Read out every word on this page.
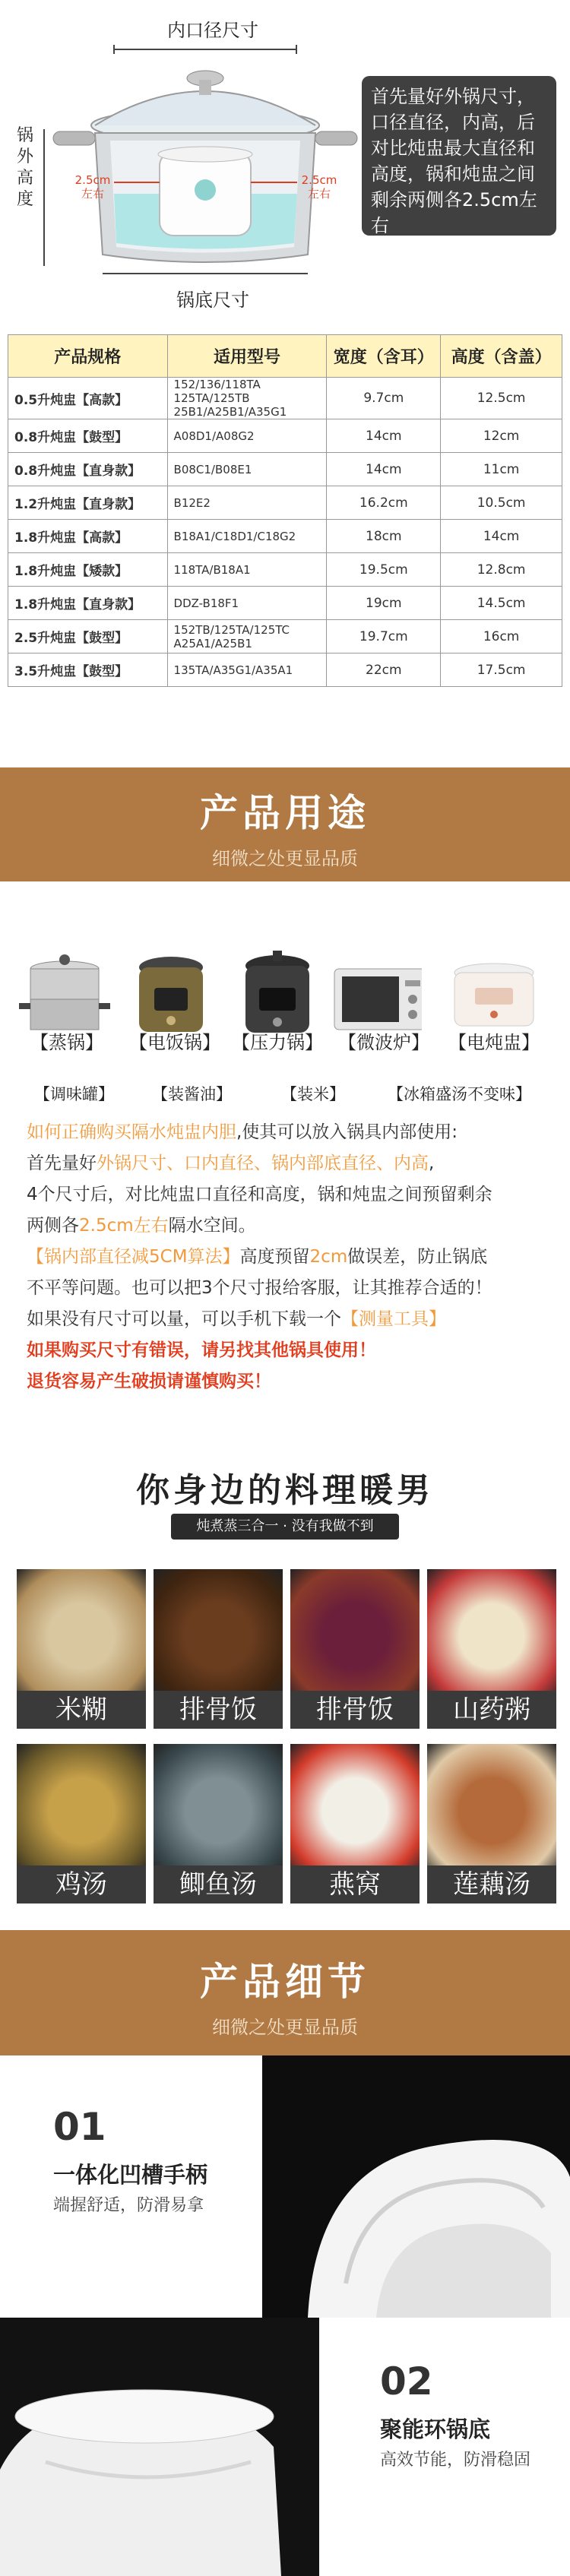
内口径尺寸
锅外高度
2.5cm
左右
2.5cm
左右
首先量好外锅尺寸，口径直径，内高，后对比炖盅最大直径和高度，锅和炖盅之间剩余两侧各2.5cm左右
锅底尺寸
产品规格	适用型号	宽度（含耳）	高度（含盖）
0.5升炖盅【高款】	152/136/118TA 125TA/125TB 25B1/A25B1/A35G1	9.7cm	12.5cm
0.8升炖盅【鼓型】	A08D1/A08G2	14cm	12cm
0.8升炖盅【直身款】	B08C1/B08E1	14cm	11cm
1.2升炖盅【直身款】	B12E2	16.2cm	10.5cm
1.8升炖盅【高款】	B18A1/C18D1/C18G2	18cm	14cm
1.8升炖盅【矮款】	118TA/B18A1	19.5cm	12.8cm
1.8升炖盅【直身款】	DDZ-B18F1	19cm	14.5cm
2.5升炖盅【鼓型】	152TB/125TA/125TC A25A1/A25B1	19.7cm	16cm
3.5升炖盅【鼓型】	135TA/A35G1/A35A1	22cm	17.5cm
产品用途
细微之处更显品质
【蒸锅】 【电饭锅】 【压力锅】 【微波炉】 【电炖盅】
【调味罐】 【装酱油】	【装米】	【冰箱盛汤不变味】
如何正确购买隔水炖盅内胆,使其可以放入锅具内部使用:
首先量好外锅尺寸、口内直径、锅内部底直径、内高,
4个尺寸后，对比炖盅口直径和高度，锅和炖盅之间预留剩余
两侧各2.5cm左右隔水空间。
【锅内部直径减5CM算法】高度预留2cm做误差，防止锅底
不平等问题。也可以把3个尺寸报给客服，让其推荐合适的！
如果没有尺寸可以量，可以手机下载一个【测量工具】
如果购买尺寸有错误，请另找其他锅具使用！
退货容易产生破损请谨慎购买！
你身边的料理暖男
炖煮蒸三合一 · 没有我做不到
米糊	排骨饭	排骨饭	山药粥
鸡汤	鲫鱼汤	燕窝	莲藕汤
产品细节
细微之处更显品质
01
一体化凹槽手柄
端握舒适，防滑易拿
02
聚能环锅底
高效节能，防滑稳固
